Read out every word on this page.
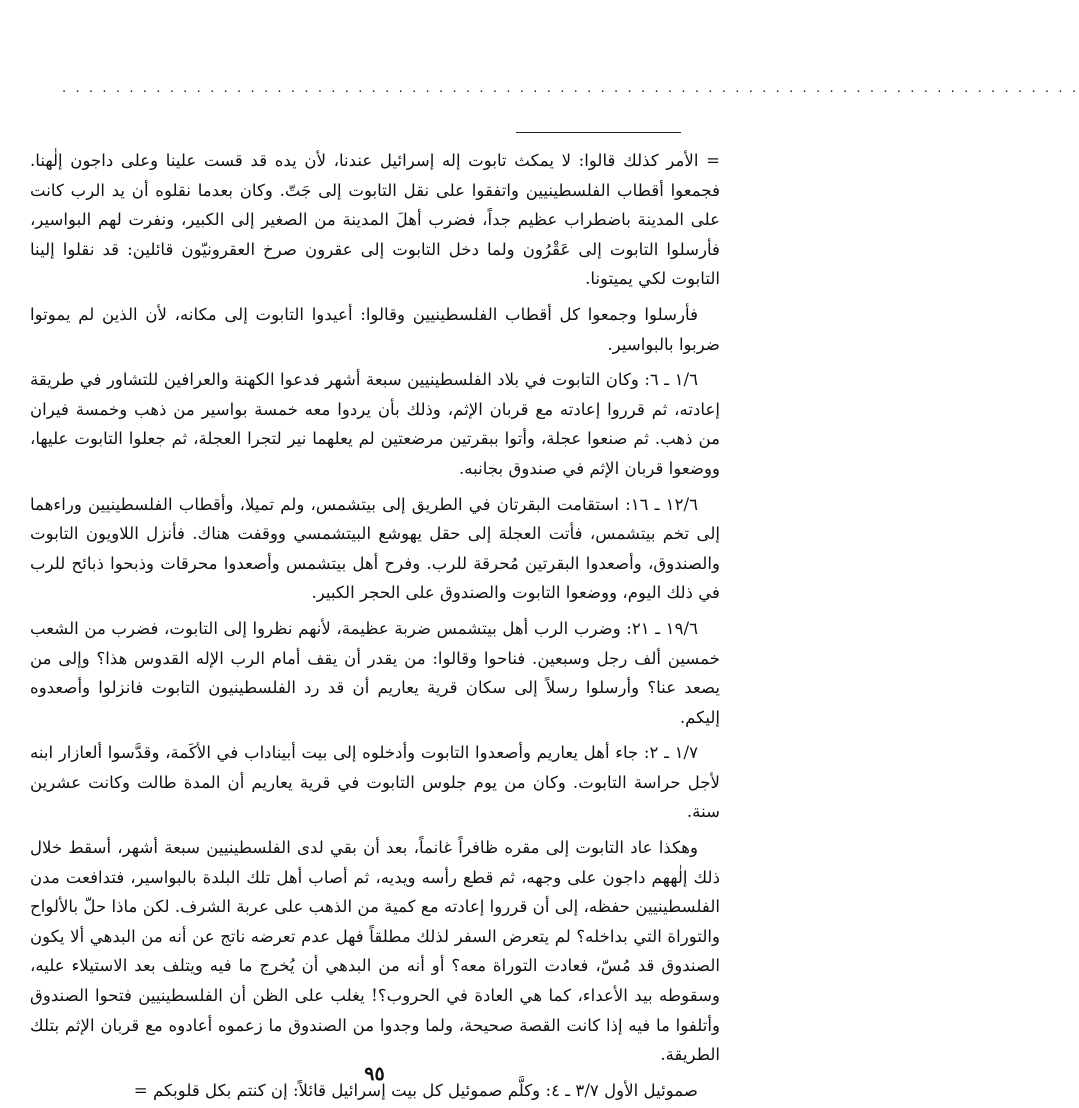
. . . . . . . . . . . . . . . . . . . . . . . . . . . . . . . . . . . . . . . . . . . . . . . . . . . . . . . . . . . . . . . . . . . . . . . . . . . .

= الأمر كذلك قالوا: لا يمكث تابوت إله إسرائيل عندنا، لأن يده قد قست علينا وعلى داجون إلٰهنا. فجمعوا أقطاب الفلسطينيين واتفقوا على نقل التابوت إلى جَتّ. وكان بعدما نقلوه أن يد الرب كانت على المدينة باضطراب عظيم جداً، فضرب أهلَ المدينة من الصغير إلى الكبير، ونفرت لهم البواسير، فأرسلوا التابوت إلى عَقْرُون ولما دخل التابوت إلى عقرون صرخ العقرونيّون قائلين: قد نقلوا إلينا التابوت لكي يميتونا.

فأرسلوا وجمعوا كل أقطاب الفلسطينيين وقالوا: أعيدوا التابوت إلى مكانه، لأن الذين لم يموتوا ضربوا بالبواسير.

١/٦ ـ ٦: وكان التابوت في بلاد الفلسطينيين سبعة أشهر فدعوا الكهنة والعرافين للتشاور في طريقة إعادته، ثم قرروا إعادته مع قربان الإثم، وذلك بأن يردوا معه خمسة بواسير من ذهب وخمسة فيران من ذهب. ثم صنعوا عجلة، وأتوا ببقرتين مرضعتين لم يعلهما نير لتجرا العجلة، ثم جعلوا التابوت عليها، ووضعوا قربان الإثم في صندوق بجانبه.

١٢/٦ ـ ١٦: استقامت البقرتان في الطريق إلى بيتشمس، ولم تميلا، وأقطاب الفلسطينيين وراءهما إلى تخم بيتشمس، فأتت العجلة إلى حقل يهوشع البيتشمسي ووقفت هناك. فأنزل اللاويون التابوت والصندوق، وأصعدوا البقرتين مُحرقة للرب. وفرح أهل بيتشمس وأصعدوا محرقات وذبحوا ذبائح للرب في ذلك اليوم، ووضعوا التابوت والصندوق على الحجر الكبير.

١٩/٦ ـ ٢١: وضرب الرب أهل بيتشمس ضربة عظيمة، لأنهم نظروا إلى التابوت، فضرب من الشعب خمسين ألف رجل وسبعين. فناحوا وقالوا: من يقدر أن يقف أمام الرب الإله القدوس هذا؟ وإلى من يصعد عنا؟ وأرسلوا رسلاً إلى سكان قرية يعاريم أن قد رد الفلسطينيون التابوت فانزلوا وأصعدوه إليكم.

١/٧ ـ ٢: جاء أهل يعاريم وأصعدوا التابوت وأدخلوه إلى بيت أبيناداب في الأكَمة، وقدَّسوا ألعازار ابنه لأجل حراسة التابوت. وكان من يوم جلوس التابوت في قرية يعاريم أن المدة طالت وكانت عشرين سنة.

وهكذا عاد التابوت إلى مقره ظافراً غانماً، بعد أن بقي لدى الفلسطينيين سبعة أشهر، أسقط خلال ذلك إلٰههم داجون على وجهه، ثم قطع رأسه ويديه، ثم أصاب أهل تلك البلدة بالبواسير، فتدافعت مدن الفلسطينيين حفظه، إلى أن قرروا إعادته مع كمية من الذهب على عربة الشرف. لكن ماذا حلّ بالألواح والتوراة التي بداخله؟ لم يتعرض السفر لذلك مطلقاً فهل عدم تعرضه ناتج عن أنه من البدهي ألا يكون الصندوق قد مُسّ، فعادت التوراة معه؟ أو أنه من البدهي أن يُخرج ما فيه ويتلف بعد الاستيلاء عليه، وسقوطه بيد الأعداء، كما هي العادة في الحروب؟! يغلب على الظن أن الفلسطينيين فتحوا الصندوق وأتلفوا ما فيه إذا كانت القصة صحيحة، ولما وجدوا من الصندوق ما زعموه أعادوه مع قربان الإثم بتلك الطريقة.

صموئيل الأول ٣/٧ ـ ٤: وكلَّم صموئيل كل بيت إسرائيل قائلاً: إن كنتم بكل قلوبكم =

٩٥
